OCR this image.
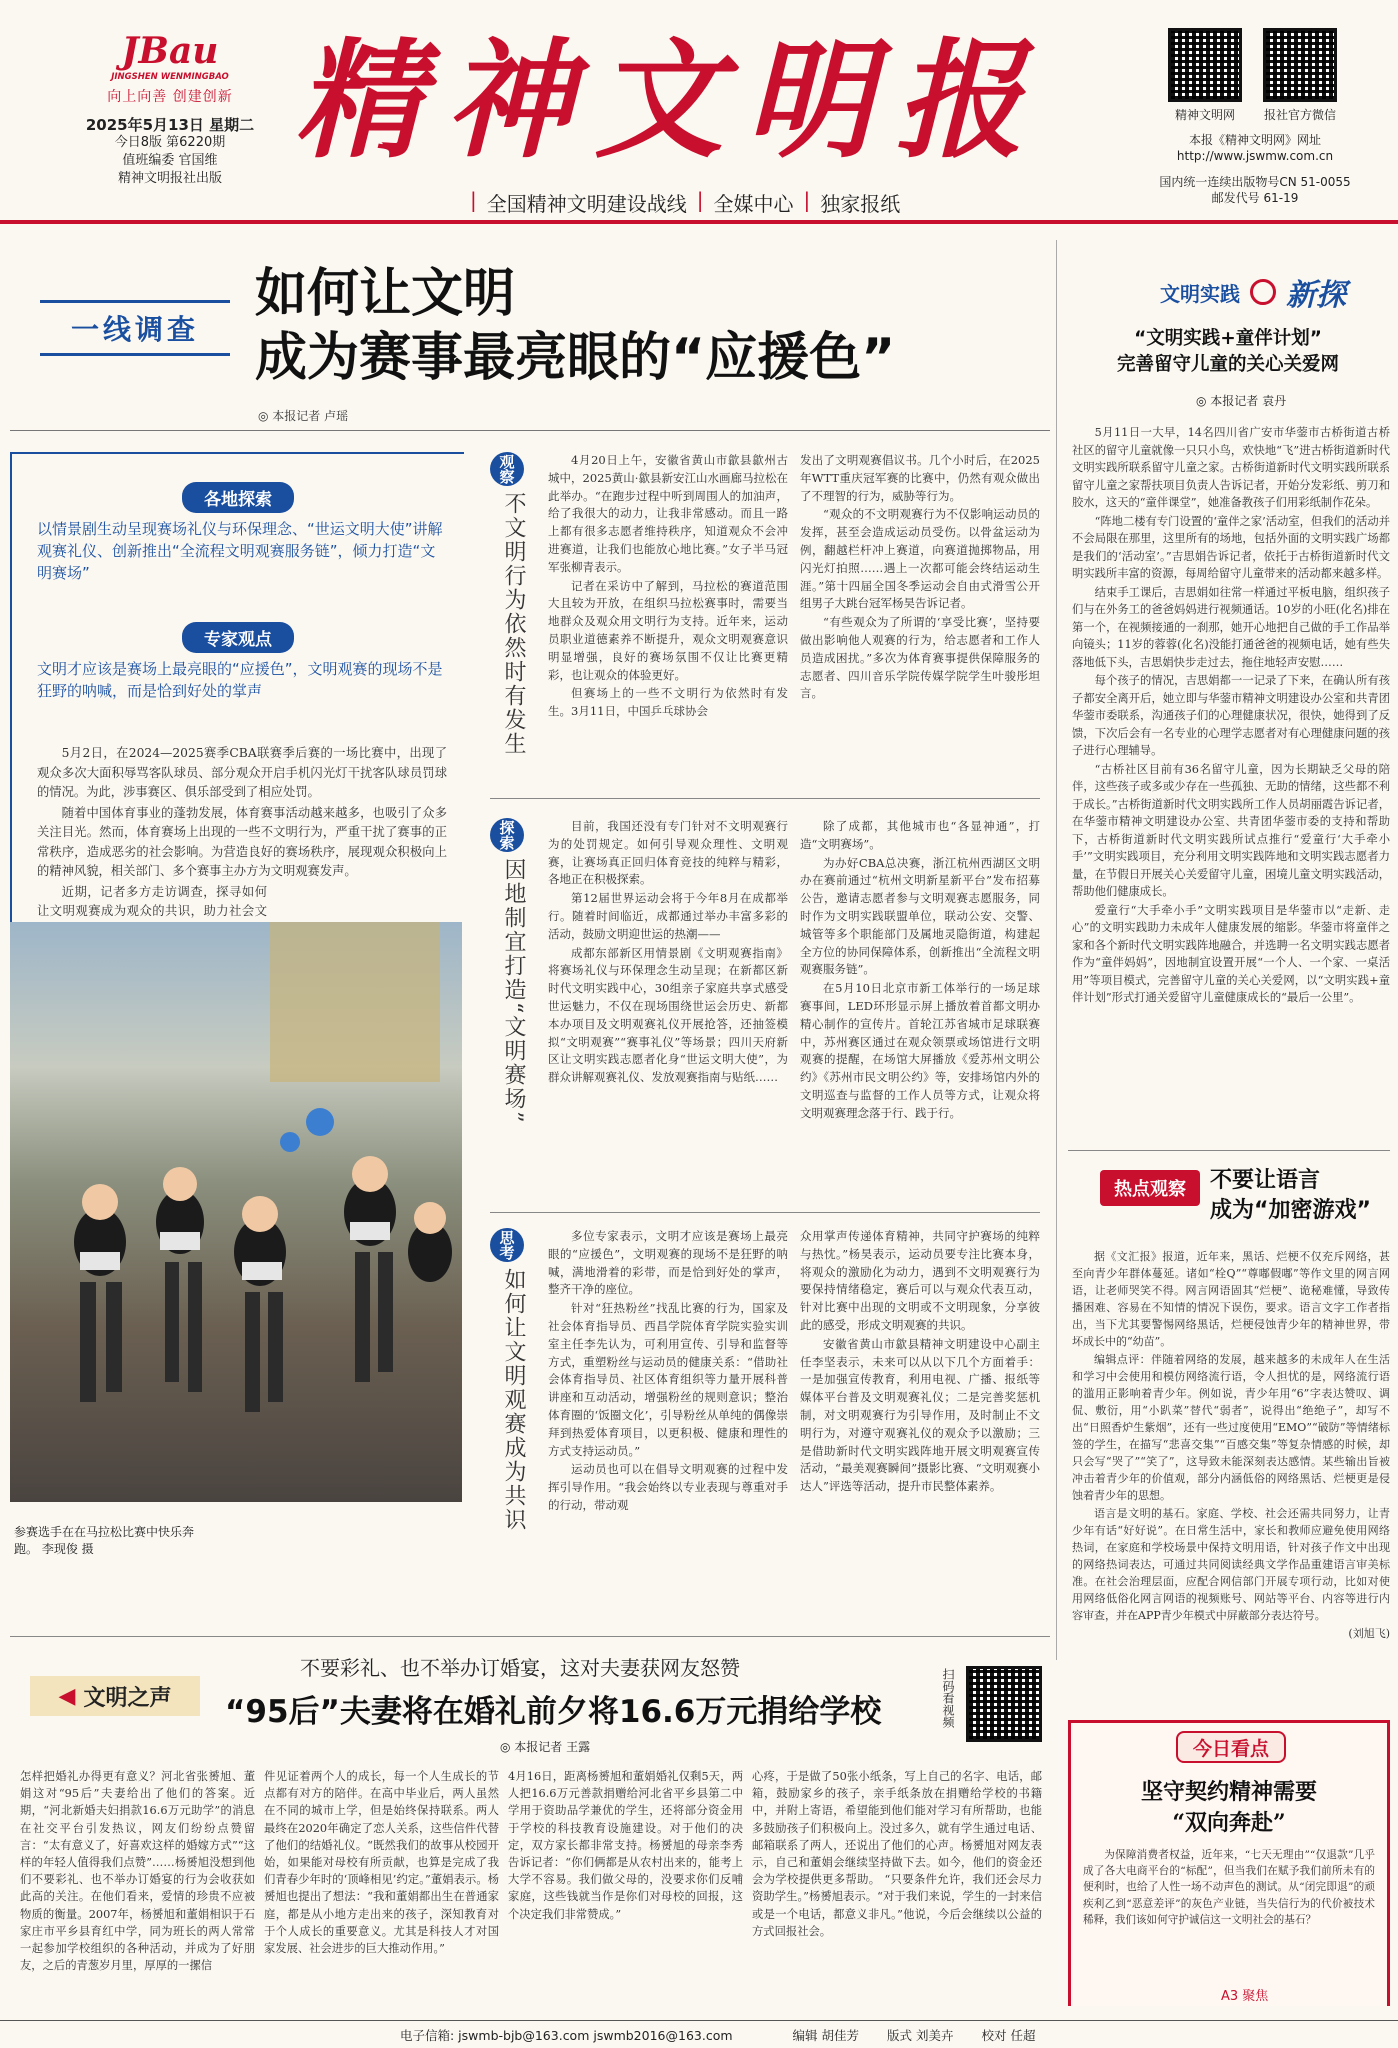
JBau
JINGSHEN WENMINGBAO
向上向善 创建创新
2025年5月13日 星期二
今日8版 第6220期
值班编委 官国维
精神文明报社出版
精神文明报
| 全国精神文明建设战线 | 全媒中心 | 独家报纸
精神文明网	报社官方微信
本报《精神文明网》网址
http://www.jswmw.com.cn
国内统一连续出版物号CN 51-0055
邮发代号 61-19
一线调查
如何让文明
成为赛事最亮眼的“应援色”
◎ 本报记者 卢瑶
各地探索
以情景剧生动呈现赛场礼仪与环保理念、“世运文明大使”讲解观赛礼仪、创新推出“全流程文明观赛服务链”，倾力打造“文明赛场”
专家观点
文明才应该是赛场上最亮眼的“应援色”，文明观赛的现场不是狂野的呐喊，而是恰到好处的掌声

5月2日，在2024—2025赛季CBA联赛季后赛的一场比赛中，出现了观众多次大面积辱骂客队球员、部分观众开启手机闪光灯干扰客队球员罚球的情况。为此，涉事赛区、俱乐部受到了相应处罚。

随着中国体育事业的蓬勃发展，体育赛事活动越来越多，也吸引了众多关注目光。然而，体育赛场上出现的一些不文明行为，严重干扰了赛事的正常秩序，造成恶劣的社会影响。为营造良好的赛场秩序，展现观众积极向上的精神风貌，相关部门、多个赛事主办方为文明观赛发声。

近期，记者多方走访调查，探寻如何让文明观赛成为观众的共识，助力社会文

参赛选手在在马拉松比赛中快乐奔跑。 李现俊 摄
观察
不文明行为依然时有发生

4月20日上午，安徽省黄山市歙县歙州古城中，2025黄山·歙县新安江山水画廊马拉松在此举办。“在跑步过程中听到周围人的加油声，给了我很大的动力，让我非常感动。而且一路上都有很多志愿者维持秩序，知道观众不会冲进赛道，让我们也能放心地比赛。”女子半马冠军张柳青表示。

记者在采访中了解到，马拉松的赛道范围大且较为开放，在组织马拉松赛事时，需要当地群众及观众用文明行为支持。近年来，运动员职业道德素养不断提升，观众文明观赛意识明显增强，良好的赛场氛围不仅让比赛更精彩，也让观众的体验更好。

但赛场上的一些不文明行为依然时有发生。3月11日，中国乒乓球协会

发出了文明观赛倡议书。几个小时后，在2025年WTT重庆冠军赛的比赛中，仍然有观众做出了不理智的行为，威胁等行为。

“观众的不文明观赛行为不仅影响运动员的发挥，甚至会造成运动员受伤。以骨盆运动为例，翻越栏杆冲上赛道，向赛道抛掷物品，用闪光灯拍照……遇上一次都可能会终结运动生涯。”第十四届全国冬季运动会自由式滑雪公开组男子大跳台冠军杨昊告诉记者。

“有些观众为了所谓的‘享受比赛’，坚持要做出影响他人观赛的行为，给志愿者和工作人员造成困扰。”多次为体育赛事提供保障服务的志愿者、四川音乐学院传媒学院学生叶骏彤坦言。

探索
因地制宜打造“文明赛场”

目前，我国还没有专门针对不文明观赛行为的处罚规定。如何引导观众理性、文明观赛，让赛场真正回归体育竞技的纯粹与精彩，各地正在积极探索。

第12届世界运动会将于今年8月在成都举行。随着时间临近，成都通过举办丰富多彩的活动，鼓励文明迎世运的热潮——

成都东部新区用情景剧《文明观赛指南》将赛场礼仪与环保理念生动呈现；在新都区新时代文明实践中心，30组亲子家庭共享式感受世运魅力，不仅在现场围绕世运会历史、新都本办项目及文明观赛礼仪开展抢答，还抽签模拟“文明观赛”“赛事礼仪”等场景；四川天府新区让文明实践志愿者化身“世运文明大使”，为群众讲解观赛礼仪、发放观赛指南与贴纸……

除了成都，其他城市也“各显神通”，打造“文明赛场”。

为办好CBA总决赛，浙江杭州西湖区文明办在赛前通过“杭州文明新星新平台”发布招募公告，邀请志愿者参与文明观赛志愿服务，同时作为文明实践联盟单位，联动公安、交警、城管等多个职能部门及属地灵隐街道，构建起全方位的协同保障体系，创新推出“全流程文明观赛服务链”。

在5月10日北京市新工体举行的一场足球赛事间，LED环形显示屏上播放着首都文明办精心制作的宣传片。首轮江苏省城市足球联赛中，苏州赛区通过在观众领票或场馆进行文明观赛的提醒，在场馆大屏播放《爱苏州文明公约》《苏州市民文明公约》等，安排场馆内外的文明巡查与监督的工作人员等方式，让观众将文明观赛理念落于行、践于行。

思考
如何让文明观赛成为共识

多位专家表示，文明才应该是赛场上最亮眼的“应援色”，文明观赛的现场不是狂野的呐喊，满地滑着的彩带，而是恰到好处的掌声，整齐干净的座位。

针对“狂热粉丝”找乱比赛的行为，国家及社会体育指导员、西昌学院体育学院实验实训室主任李先认为，可利用宣传、引导和监督等方式，重塑粉丝与运动员的健康关系：“借助社会体育指导员、社区体育组织等力量开展科普讲座和互动活动，增强粉丝的规则意识；整治体育圈的‘饭圈文化’，引导粉丝从单纯的偶像崇拜到热爱体育项目，以更积极、健康和理性的方式支持运动员。”

运动员也可以在倡导文明观赛的过程中发挥引导作用。“我会始终以专业表现与尊重对手的行动，带动观

众用掌声传递体育精神，共同守护赛场的纯粹与热忱。”杨昊表示，运动员要专注比赛本身，将观众的激励化为动力，遇到不文明观赛行为要保持情绪稳定，赛后可以与观众代表互动，针对比赛中出现的文明或不文明现象，分享彼此的感受，形成文明观赛的共识。

安徽省黄山市歙县精神文明建设中心副主任李坚表示，未来可以从以下几个方面着手：一是加强宣传教育，利用电视、广播、报纸等媒体平台普及文明观赛礼仪；二是完善奖惩机制，对文明观赛行为引导作用，及时制止不文明行为，对遵守观赛礼仪的观众予以激励；三是借助新时代文明实践阵地开展文明观赛宣传活动，“最美观赛瞬间”摄影比赛、“文明观赛小达人”评选等活动，提升市民整体素养。

文明实践 新探
“文明实践+童伴计划”
完善留守儿童的关心关爱网
◎ 本报记者 袁丹

5月11日一大早，14名四川省广安市华蓥市古桥街道古桥社区的留守儿童就像一只只小鸟，欢快地“飞”进古桥街道新时代文明实践所联系留守儿童之家。古桥街道新时代文明实践所联系留守儿童之家帮扶项目负责人告诉记者，开始分发彩纸、剪刀和胶水，这天的“童伴课堂”，她准备教孩子们用彩纸制作花朵。

“阵地二楼有专门设置的‘童伴之家’活动室，但我们的活动并不会局限在那里，这里所有的场地，包括外面的文明实践广场都是我们的‘活动室’。”吉思娟告诉记者，依托于古桥街道新时代文明实践所丰富的资源，每周给留守儿童带来的活动都来越多样。

结束手工课后，吉思娟如往常一样通过平板电脑，组织孩子们与在外务工的爸爸妈妈进行视频通话。10岁的小旺(化名)排在第一个，在视频接通的一刹那，她开心地把自己做的手工作品举向镜头；11岁的蓉蓉(化名)没能打通爸爸的视频电话，她有些失落地低下头，吉思娟快步走过去，拖住地轻声安慰……

每个孩子的情况，吉思娟都一一记录了下来，在确认所有孩子都安全离开后，她立即与华蓥市精神文明建设办公室和共青团华蓥市委联系，沟通孩子们的心理健康状况，很快，她得到了反馈，下次后会有一名专业的心理学志愿者对有心理健康问题的孩子进行心理辅导。

“古桥社区目前有36名留守儿童，因为长期缺乏父母的陪伴，这些孩子或多或少存在一些孤独、无助的情绪，这些都不利于成长。”古桥街道新时代文明实践所工作人员胡丽霞告诉记者，在华蓥市精神文明建设办公室、共青团华蓥市委的支持和帮助下，古桥街道新时代文明实践所试点推行“爱童行‘大手牵小手’”文明实践项目，充分利用文明实践阵地和文明实践志愿者力量，在节假日开展关心关爱留守儿童，困境儿童文明实践活动，帮助他们健康成长。

爱童行“大手牵小手”文明实践项目是华蓥市以“走新、走心”的文明实践助力未成年人健康发展的缩影。华蓥市将童伴之家和各个新时代文明实践阵地融合，并选聘一名文明实践志愿者作为“童伴妈妈”，因地制宜设置开展“一个人、一个家、一桌活用”等项目模式，完善留守儿童的关心关爱网，以“文明实践+童伴计划”形式打通关爱留守儿童健康成长的“最后一公里”。

热点观察 不要让语言
成为“加密游戏”

据《文汇报》报道，近年来，黑话、烂梗不仅充斥网络，甚至向青少年群体蔓延。诸如“栓Q”“尊嘟假嘟”等作文里的网言网语，让老师哭笑不得。网言网语固其“烂梗”、诡秘难懂，导致传播困难、容易在不知情的情况下误伤，要求。语言文字工作者指出，当下尤其要警惕网络黑话，烂梗侵蚀青少年的精神世界，带坏成长中的“幼苗”。

编辑点评：伴随着网络的发展，越来越多的未成年人在生活和学习中会使用和模仿网络流行语，令人担忧的是，网络流行语的滥用正影响着青少年。例如说，青少年用“6”字表达赞叹、调侃、敷衍，用“小趴菜”替代“弱者”，说得出“绝绝子”，却写不出“日照香炉生紫烟”，还有一些过度使用“EMO”“破防”等情绪标签的学生，在描写“悲喜交集”“百感交集”等复杂情感的时候，却只会写“哭了”“笑了”，这导致未能深刻表达感情。某些输出旨被冲击着青少年的价值观，部分内涵低俗的网络黑话、烂梗更是侵蚀着青少年的思想。

语言是文明的基石。家庭、学校、社会还需共同努力，让青少年有话“好好说”。在日常生活中，家长和教师应避免使用网络热词，在家庭和学校场景中保持文明用语，针对孩子作文中出现的网络热词表达，可通过共同阅读经典文学作品重建语言审美标准。在社会治理层面，应配合网信部门开展专项行动，比如对使用网络低俗化网言网语的视频账号、网站等平台、内容等进行内容审查，并在APP青少年模式中屏蔽部分表达符号。

(刘旭飞)

◀ 文明之声
不要彩礼、也不举办订婚宴，这对夫妻获网友怒赞
“95后”夫妻将在婚礼前夕将16.6万元捐给学校
◎ 本报记者 王露
扫码看视频
怎样把婚礼办得更有意义？河北省张赟旭、董娟这对“95后”夫妻给出了他们的答案。近期，“河北新婚夫妇捐款16.6万元助学”的消息在社交平台引发热议，网友们纷纷点赞留言：“太有意义了，好喜欢这样的婚嫁方式”“这样的年轻人值得我们点赞”……杨赟旭没想到他们不要彩礼、也不举办订婚宴的行为会收获如此高的关注。在他们看来，爱情的珍贵不应被物质的衡量。2007年，杨赟旭和董娟相识于石家庄市平乡县育红中学，同为班长的两人常常一起参加学校组织的各种活动，并成为了好朋友，之后的青葱岁月里，厚厚的一摞信
件见证着两个人的成长，每一个人生成长的节点都有对方的陪伴。在高中毕业后，两人虽然在不同的城市上学，但是始终保持联系。两人最终在2020年确定了恋人关系，这些信件代替了他们的结婚礼仪。“既然我们的故事从校园开始，如果能对母校有所贡献，也算是完成了我们青春少年时的‘顶峰相见’约定。”董娟表示。杨赟旭也提出了想法：“我和董娟都出生在普通家庭，都是从小地方走出来的孩子，深知教育对于个人成长的重要意义。尤其是科技人才对国家发展、社会进步的巨大推动作用。”
4月16日，距离杨赟旭和董娟婚礼仅剩5天，两人把16.6万元善款捐赠给河北省平乡县第二中学用于资助品学兼优的学生，还将部分资金用于学校的科技教育设施建设。对于他们的决定，双方家长都非常支持。杨赟旭的母亲李秀告诉记者：“你们俩都是从农村出来的，能考上大学不容易。我们做父母的，没要求你们反哺家庭，这些钱就当作是你们对母校的回报，这个决定我们非常赞成。”
心疼，于是做了50张小纸条，写上自己的名字、电话，邮箱，鼓励家乡的孩子，亲手纸条放在捐赠给学校的书籍中，并附上寄语，希望能到他们能对学习有所帮助，也能多鼓励孩子们积极向上。没过多久，就有学生通过电话、邮箱联系了两人，还说出了他们的心声。杨赟旭对网友表示，自己和董娟会继续坚持做下去。如今，他们的资金还会为学校提供更多帮助。 “只要条件允许，我们还会尽力资助学生。”杨赟旭表示。“对于我们来说，学生的一封来信或是一个电话，都意义非凡。”他说，今后会继续以公益的方式回报社会。
今日看点
坚守契约精神需要
“双向奔赴”
为保障消费者权益，近年来，“七天无理由”“仅退款”几乎成了各大电商平台的“标配”，但当我们在赋予我们前所未有的便利时，也给了人性一场不动声色的测试。从“闭完即退”的顽疾利乙到“恶意差评”的灰色产业链，当失信行为的代价被技术稀释，我们该如何守护诚信这一文明社会的基石？
A3 聚焦
电子信箱: jswmb-bjb@163.com jswmb2016@163.com	编辑 胡佳芳 版式 刘美卉 校对 任超
